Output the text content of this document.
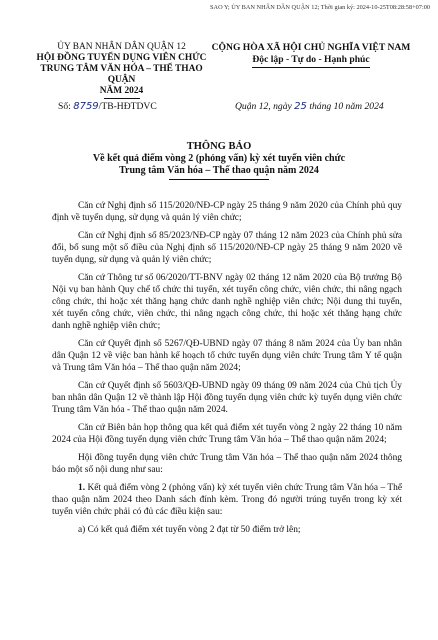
SAO Y; ỦY BAN NHÂN DÂN QUẬN 12; Thời gian ký: 2024-10-25T08:28:58+07:00
ỦY BAN NHÂN DÂN QUẬN 12
HỘI ĐỒNG TUYỂN DỤNG VIÊN CHỨC
TRUNG TÂM VĂN HÓA – THỂ THAO QUẬN
NĂM 2024
CỘNG HÒA XÃ HỘI CHỦ NGHĨA VIỆT NAM
Độc lập - Tự do - Hạnh phúc
Số: 8759/TB-HĐTDVC	Quận 12, ngày 25 tháng 10 năm 2024
THÔNG BÁO
Về kết quả điểm vòng 2 (phỏng vấn) kỳ xét tuyển viên chức
Trung tâm Văn hóa – Thể thao quận năm 2024

Căn cứ Nghị định số 115/2020/NĐ-CP ngày 25 tháng 9 năm 2020 của Chính phủ quy định về tuyển dụng, sử dụng và quản lý viên chức;

Căn cứ Nghị định số 85/2023/NĐ-CP ngày 07 tháng 12 năm 2023 của Chính phủ sửa đổi, bổ sung một số điều của Nghị định số 115/2020/NĐ-CP ngày 25 tháng 9 năm 2020 về tuyển dụng, sử dụng và quản lý viên chức;

Căn cứ Thông tư số 06/2020/TT-BNV ngày 02 tháng 12 năm 2020 của Bộ trưởng Bộ Nội vụ ban hành Quy chế tổ chức thi tuyển, xét tuyển công chức, viên chức, thi nâng ngạch công chức, thi hoặc xét thăng hạng chức danh nghề nghiệp viên chức; Nội dung thi tuyển, xét tuyển công chức, viên chức, thi nâng ngạch công chức, thi hoặc xét thăng hạng chức danh nghề nghiệp viên chức;

Căn cứ Quyết định số 5267/QĐ-UBND ngày 07 tháng 8 năm 2024 của Ủy ban nhân dân Quận 12 về việc ban hành kế hoạch tổ chức tuyển dụng viên chức Trung tâm Y tế quận và Trung tâm Văn hóa – Thể thao quận năm 2024;

Căn cứ Quyết định số 5603/QĐ-UBND ngày 09 tháng 09 năm 2024 của Chủ tịch Ủy ban nhân dân Quận 12 về thành lập Hội đồng tuyển dụng viên chức kỳ tuyển dụng viên chức Trung tâm Văn hóa - Thể thao quận năm 2024.

Căn cứ Biên bản họp thông qua kết quả điểm xét tuyển vòng 2 ngày 22 tháng 10 năm 2024 của Hội đồng tuyển dụng viên chức Trung tâm Văn hóa – Thể thao quận năm 2024;

Hội đồng tuyển dụng viên chức Trung tâm Văn hóa – Thể thao quận năm 2024 thông báo một số nội dung như sau:

1. Kết quả điểm vòng 2 (phỏng vấn) kỳ xét tuyển viên chức Trung tâm Văn hóa – Thể thao quận năm 2024 theo Danh sách đính kèm. Trong đó người trúng tuyển trong kỳ xét tuyển viên chức phải có đủ các điều kiện sau:

a) Có kết quả điểm xét tuyển vòng 2 đạt từ 50 điểm trở lên;
